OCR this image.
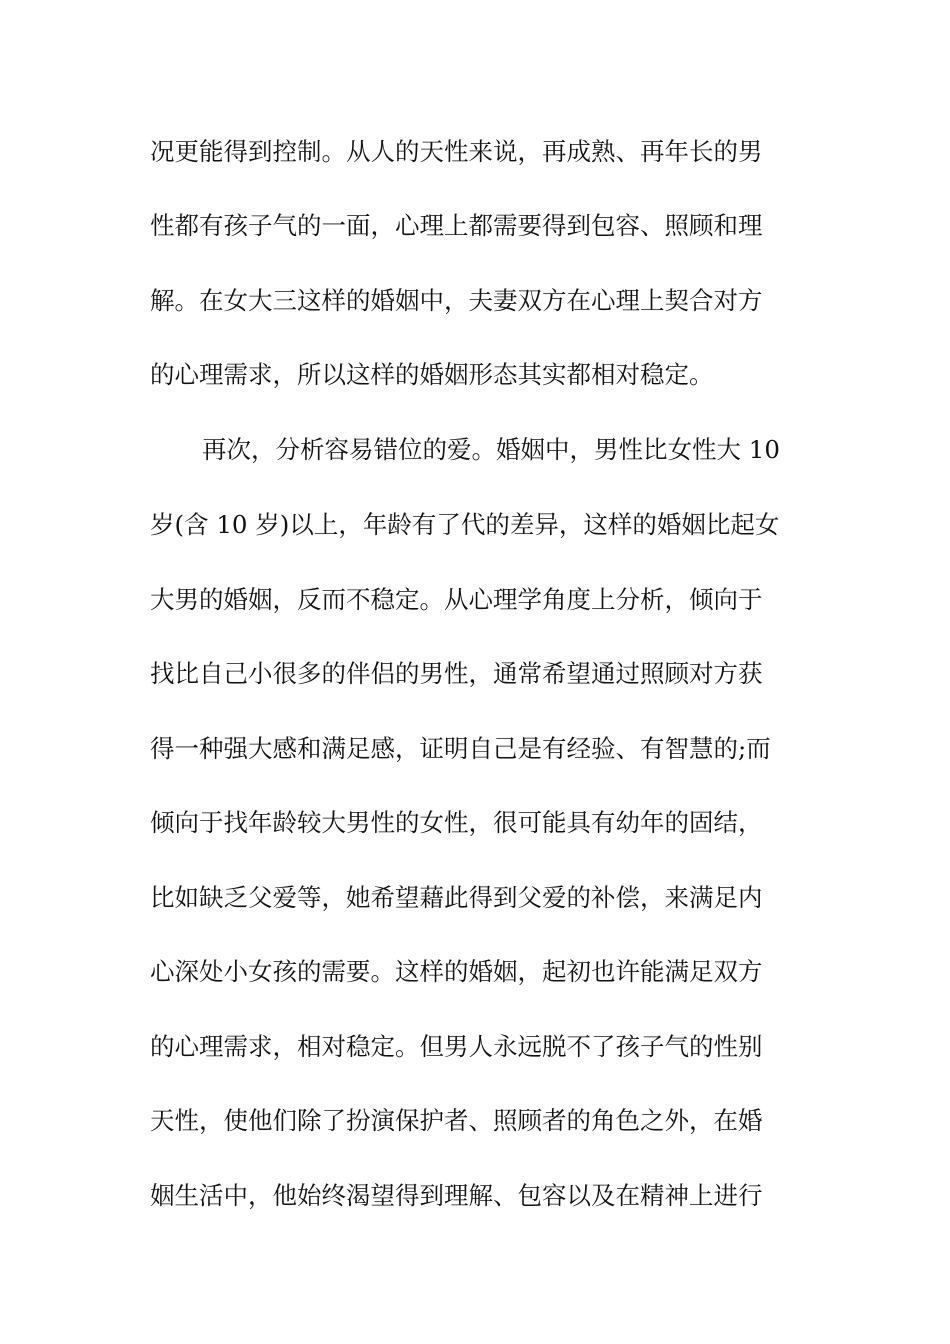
况更能得到控制。从人的天性来说，再成熟、再年长的男
性都有孩子气的一面，心理上都需要得到包容、照顾和理
解。在女大三这样的婚姻中，夫妻双方在心理上契合对方
的心理需求，所以这样的婚姻形态其实都相对稳定。
再次，分析容易错位的爱。婚姻中，男性比女性大 10
岁(含 10 岁)以上，年龄有了代的差异，这样的婚姻比起女
大男的婚姻，反而不稳定。从心理学角度上分析，倾向于
找比自己小很多的伴侣的男性，通常希望通过照顾对方获
得一种强大感和满足感，证明自己是有经验、有智慧的;而
倾向于找年龄较大男性的女性，很可能具有幼年的固结，
比如缺乏父爱等，她希望藉此得到父爱的补偿，来满足内
心深处小女孩的需要。这样的婚姻，起初也许能满足双方
的心理需求，相对稳定。但男人永远脱不了孩子气的性别
天性，使他们除了扮演保护者、照顾者的角色之外，在婚
姻生活中，他始终渴望得到理解、包容以及在精神上进行
